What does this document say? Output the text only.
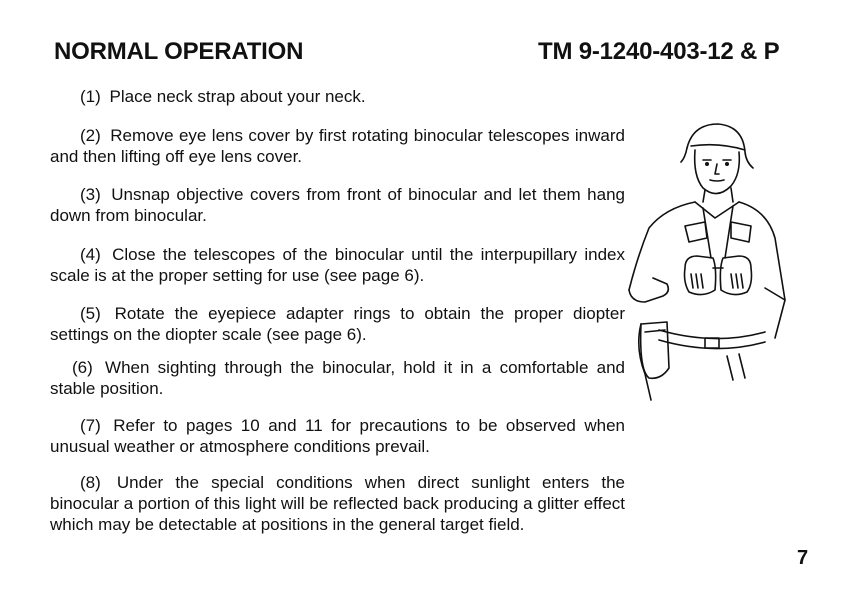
NORMAL OPERATION	TM 9-1240-403-12 & P

(1) Place neck strap about your neck.

(2) Remove eye lens cover by first rotating binocular telescopes inward and then lifting off eye lens cover.

(3) Unsnap objective covers from front of binocular and let them hang down from binocular.

(4) Close the telescopes of the binocular until the interpupillary index scale is at the proper setting for use (see page 6).

(5) Rotate the eyepiece adapter rings to obtain the proper diopter settings on the diopter scale (see page 6).

(6) When sighting through the binocular, hold it in a comfortable and stable position.

(7) Refer to pages 10 and 11 for precautions to be observed when unusual weather or atmosphere conditions prevail.

(8) Under the special conditions when direct sunlight enters the binocular a portion of this light will be reflected back producing a glitter effect which may be detectable at positions in the general target field.

7
